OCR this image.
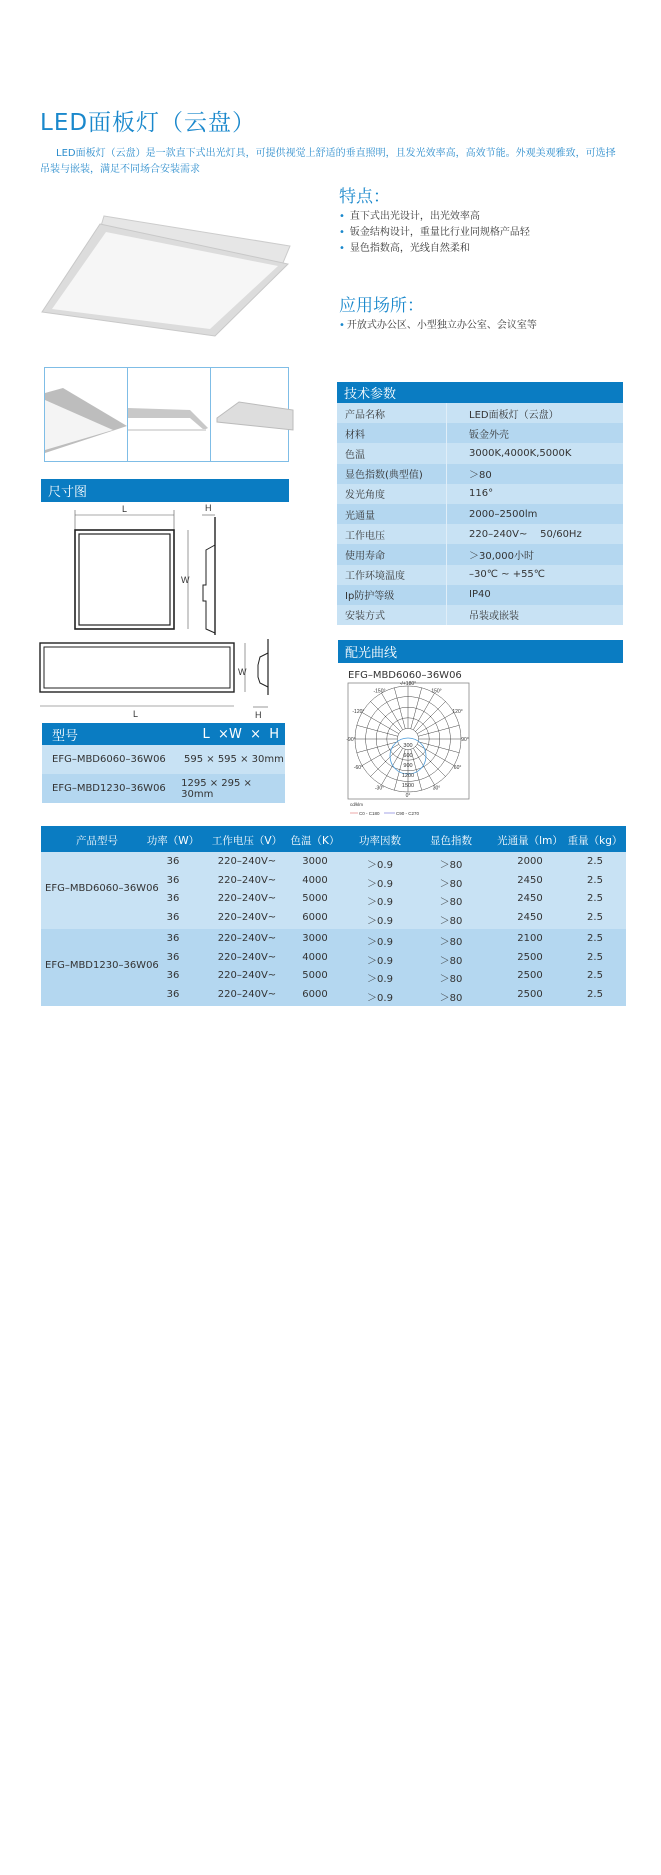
LED面板灯（云盘）
LED面板灯（云盘）是一款直下式出光灯具，可提供视觉上舒适的垂直照明，且发光效率高，高效节能。外观美观雅致，可选择吊装与嵌装，满足不同场合安装需求
特点：
• 直下式出光设计，出光效率高
• 钣金结构设计，重量比行业同规格产品轻
• 显色指数高，光线自然柔和
应用场所：
• 开放式办公区、小型独立办公室、会议室等
尺寸图
L
W
H
L
W
H
型号	L  ×W  ×  H
EFG–MBD6060–36W06	595 × 595 × 30mm
EFG–MBD1230–36W06	1295 × 295 × 30mm
技术参数
产品名称	LED面板灯（云盘）
材料	钣金外壳
色温	3000K,4000K,5000K
显色指数(典型值)	＞80
发光角度	116°
光通量	2000–2500lm
工作电压	220–240V~    50/60Hz
使用寿命	＞30,000小时
工作环境温度	–30℃ ~ +55℃
Ip防护等级	IP40
安装方式	吊装或嵌装
配光曲线
EFG–MBD6060–36W06
-/+180°
150°
120°
90°
60°
30°
0°
-30°
-60°
-90°
-120°
-150°
300
600
900
1200
1500
cd/klm
C0 - C180	C90 - C270
产品型号	功率（W） 工作电压（V） 色温（K） 功率因数	显色指数 光通量（lm） 重量（kg）
EFG–MBD6060–36W06
36	220–240V~	3000	＞0.9	＞80	2000	2.5
36	220–240V~	4000	＞0.9	＞80	2450	2.5
36	220–240V~	5000	＞0.9	＞80	2450	2.5
36	220–240V~	6000	＞0.9	＞80	2450	2.5
EFG–MBD1230–36W06
36	220–240V~	3000	＞0.9	＞80	2100	2.5
36	220–240V~	4000	＞0.9	＞80	2500	2.5
36	220–240V~	5000	＞0.9	＞80	2500	2.5
36	220–240V~	6000	＞0.9	＞80	2500	2.5
